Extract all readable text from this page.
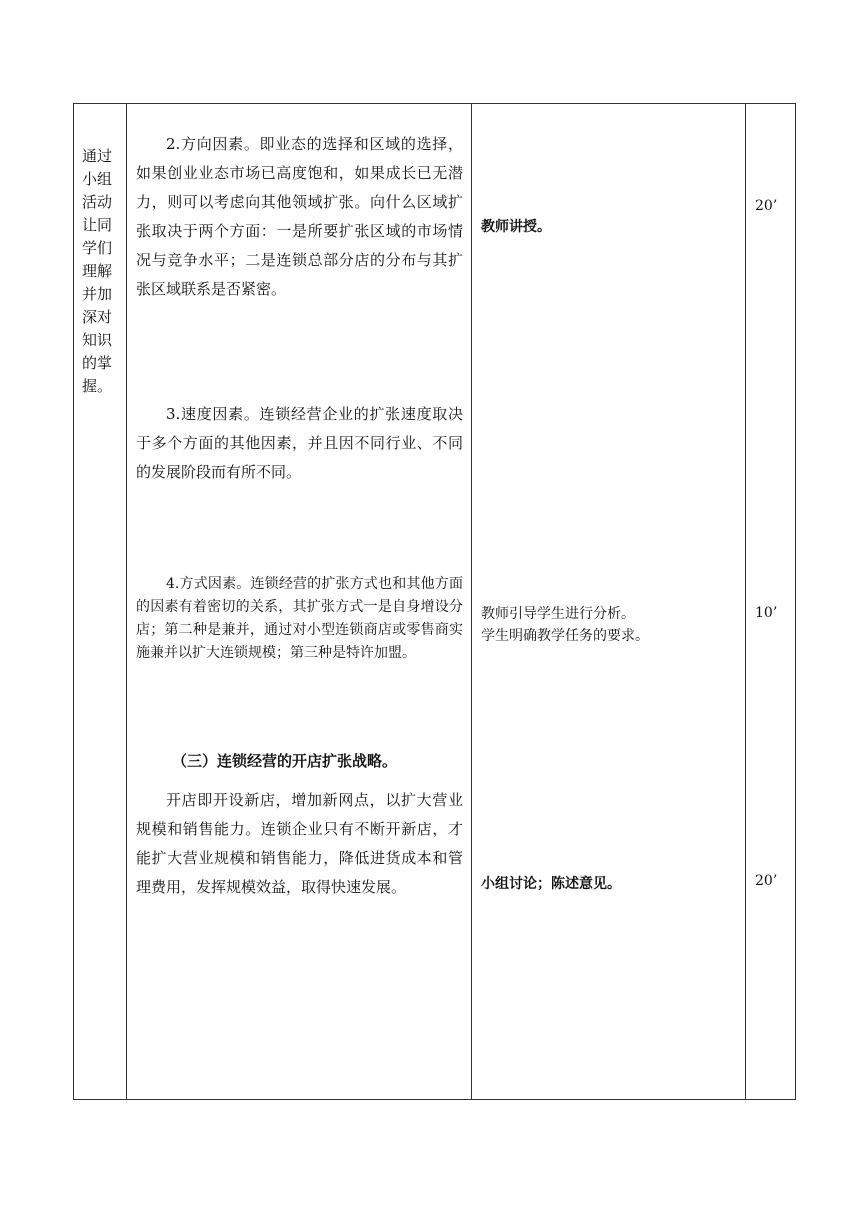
通过小组活动让同学们理解并加深对知识的掌握。

2.方向因素。即业态的选择和区域的选择，如果创业业态市场已高度饱和，如果成长已无潜力，则可以考虑向其他领域扩张。向什么区域扩张取决于两个方面：一是所要扩张区域的市场情况与竞争水平；二是连锁总部分店的分布与其扩张区域联系是否紧密。

3.速度因素。连锁经营企业的扩张速度取决于多个方面的其他因素，并且因不同行业、不同的发展阶段而有所不同。

4.方式因素。连锁经营的扩张方式也和其他方面的因素有着密切的关系，其扩张方式一是自身增设分店；第二种是兼并，通过对小型连锁商店或零售商实施兼并以扩大连锁规模；第三种是特许加盟。

（三）连锁经营的开店扩张战略。

开店即开设新店，增加新网点，以扩大营业规模和销售能力。连锁企业只有不断开新店，才能扩大营业规模和销售能力，降低进货成本和管理费用，发挥规模效益，取得快速发展。

教师讲授。
教师引导学生进行分析。
学生明确教学任务的要求。
小组讨论；陈述意见。
20’
10’
20’
